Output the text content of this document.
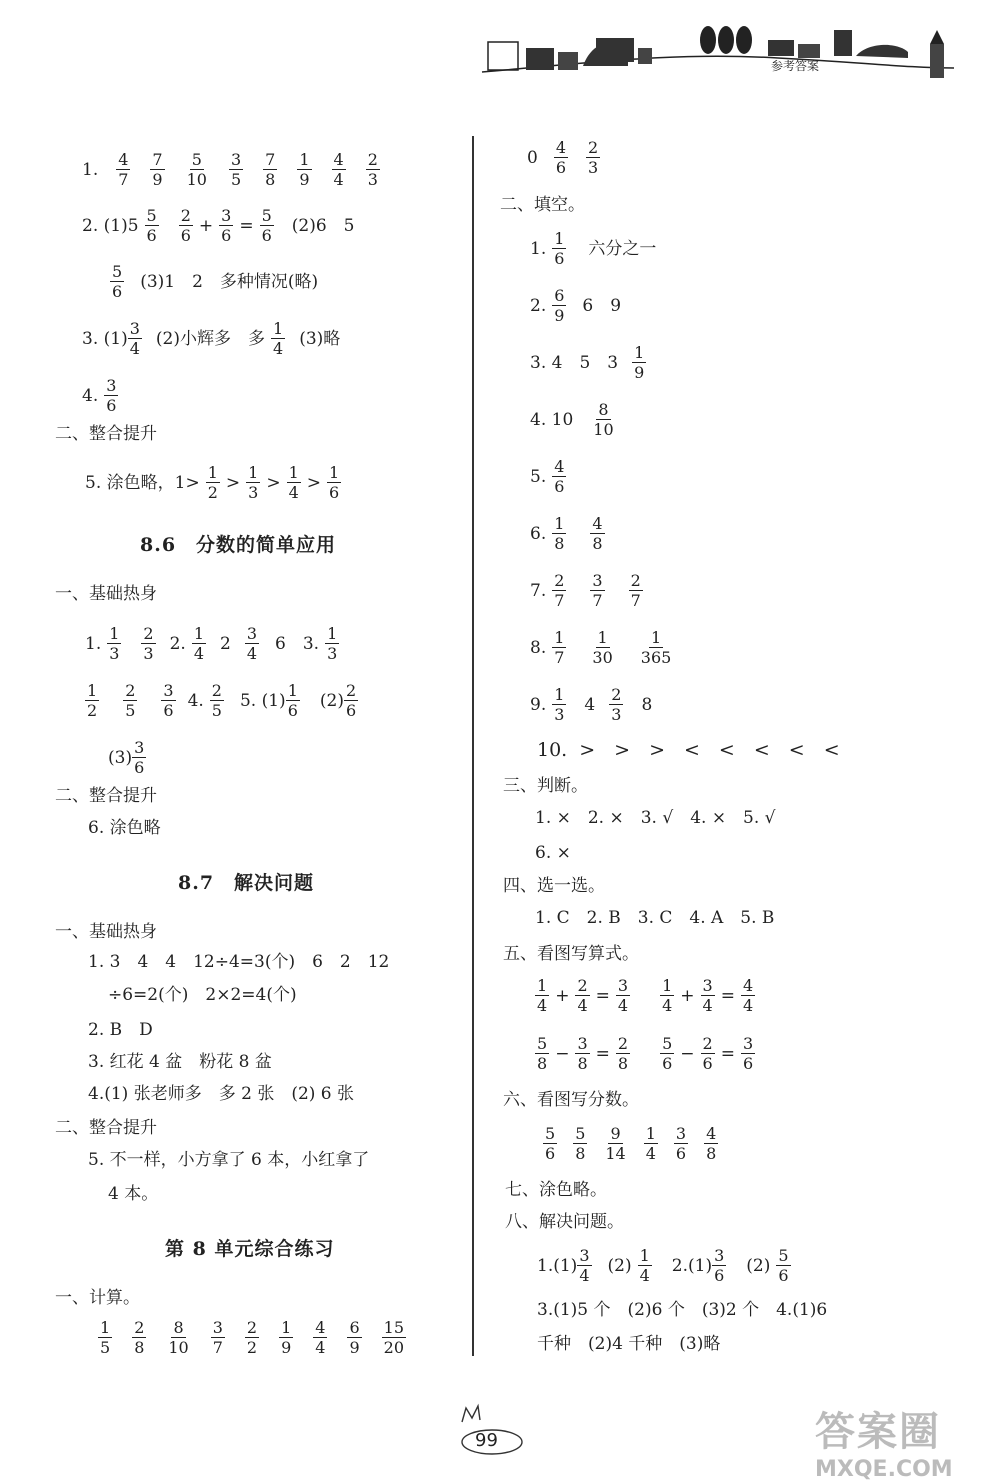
参考答案
1. $\frac{4}{7} \frac{7}{9} \frac{5}{10} \frac{3}{5} \frac{7}{8} \frac{1}{9} \frac{4}{4} \frac{2}{3}$
2. (1)5 5
6
2
$6 + \frac{3}{6} = \frac{5}{6} (2)6$　5
5
6 (3)1　2　多种情况(略)
3. (1) 3
4 (2)小辉多　多 1
4 (3)略
4. 3
6
二、整合提升
5. 涂色略，1> 1
2 > 1
3 > 1
4 > 1
6
8.6　分数的简单应用
一、基础热身
1. 1
3
2
3 2. 1
4 2 3
4 6　3. 1
3
1
2
2
5
3
6 4. 2
5 5. (1) 1
6 (2) 2
6
(3) 3
6
二、整合提升
6. 涂色略
8.7　解决问题
一、基础热身
1. 3　4　4　12÷4=3(个)　6　2　12
÷6=2(个)　2×2=4(个)
2. B　D
3. 红花 4 盆　粉花 8 盆
4.(1) 张老师多　多 2 张　(2) 6 张
二、整合提升
5. 不一样，小方拿了 6 本，小红拿了
4 本。
第 8 单元综合练习
一、计算。
$\frac{1}{5} \frac{2}{8} \frac{8}{10} \frac{3}{7} \frac{2}{2} \frac{1}{9} \frac{4}{4} \frac{6}{9} \frac{15}{20}$
0 4
6
2
3
二、填空。
1. 1
6 六分之一
2. 6
9 6　9
3. 4　5　3 1
9
4. 10 8
10
5. 4
6
6. 1
8
4
8
7. 2
7
3
7
2
7
8. 1
7
1
30
1
365
9. 1
3 4 2
3 8
10. >　>　>　<　<　<　<　<
三、判断。
1. ×　2. ×　3. √　4. ×　5. √
6. ×
四、选一选。
1. C　2. B　3. C　4. A　5. B
五、看图写算式。
1
$4 + \frac{2}{4} = \frac{3}{4} 1$
$4 + \frac{3}{4} = \frac{4}{4}$
5
$8 - \frac{3}{8} = \frac{2}{8} 5$
$6 - \frac{2}{6} = \frac{3}{6}$
六、看图写分数。
$\frac{5}{6} \frac{5}{8} \frac{9}{14} \frac{1}{4} \frac{3}{6} \frac{4}{8}$
七、涂色略。
八、解决问题。
1.(1) 3
4 (2) 1
4 2.(1) 3
6 (2) 5
6
3.(1)5 个　(2)6 个　(3)2 个　4.(1)6
千种　(2)4 千种　(3)略
99	答案圈
MXQE.COM
